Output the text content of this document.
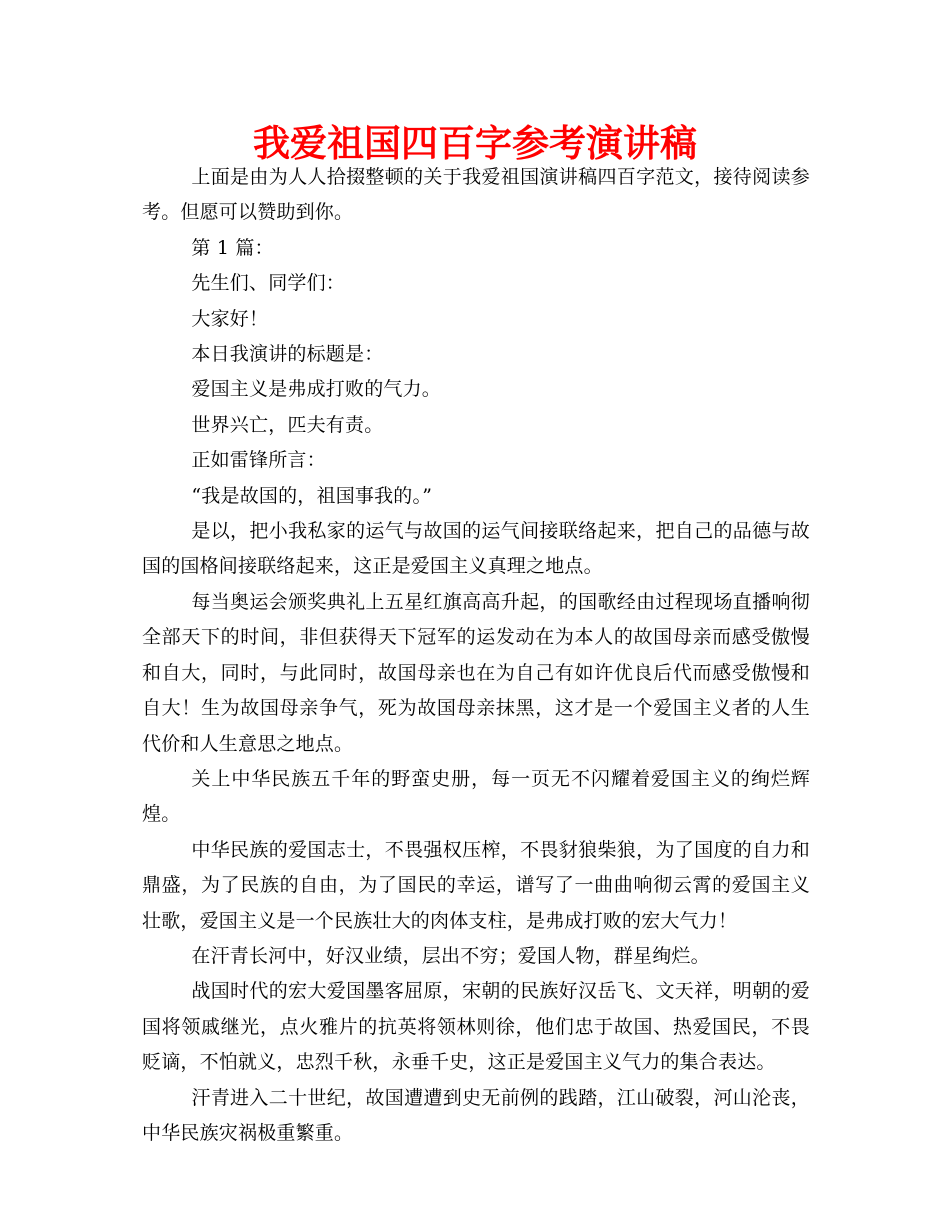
我爱祖国四百字参考演讲稿

上面是由为人人拾掇整顿的关于我爱祖国演讲稿四百字范文，接待阅读参考。但愿可以赞助到你。

第 1 篇：

先生们、同学们：

大家好！

本日我演讲的标题是：

爱国主义是弗成打败的气力。

世界兴亡，匹夫有责。

正如雷锋所言：

“我是故国的，祖国事我的。”

是以，把小我私家的运气与故国的运气间接联络起来，把自己的品德与故国的国格间接联络起来，这正是爱国主义真理之地点。

每当奥运会颁奖典礼上五星红旗高高升起，的国歌经由过程现场直播响彻全部天下的时间，非但获得天下冠军的运发动在为本人的故国母亲而感受傲慢和自大，同时，与此同时，故国母亲也在为自己有如许优良后代而感受傲慢和自大！生为故国母亲争气，死为故国母亲抹黑，这才是一个爱国主义者的人生代价和人生意思之地点。

关上中华民族五千年的野蛮史册，每一页无不闪耀着爱国主义的绚烂辉煌。

中华民族的爱国志士，不畏强权压榨，不畏豺狼柴狼，为了国度的自力和鼎盛，为了民族的自由，为了国民的幸运，谱写了一曲曲响彻云霄的爱国主义壮歌，爱国主义是一个民族壮大的肉体支柱，是弗成打败的宏大气力！

在汗青长河中，好汉业绩，层出不穷；爱国人物，群星绚烂。

战国时代的宏大爱国墨客屈原，宋朝的民族好汉岳飞、文天祥，明朝的爱国将领戚继光，点火雅片的抗英将领林则徐，他们忠于故国、热爱国民，不畏贬谪，不怕就义，忠烈千秋，永垂千史，这正是爱国主义气力的集合表达。

汗青进入二十世纪，故国遭遭到史无前例的践踏，江山破裂，河山沦丧，中华民族灾祸极重繁重。
